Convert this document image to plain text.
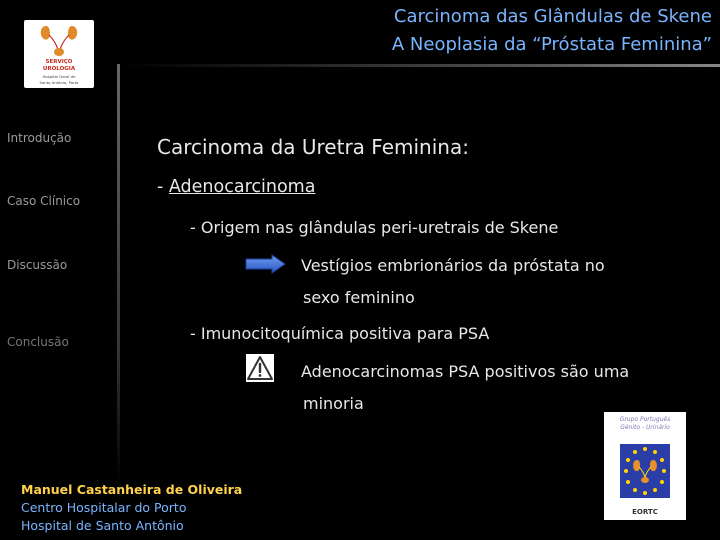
Carcinoma das Glândulas de Skene
A Neoplasia da “Próstata Feminina”
SERVIÇO
UROLOGIA
Hospital Geral de
Santo António, Porto
Introdução
Caso Clínico
Discussão
Conclusão
Carcinoma da Uretra Feminina:
- Adenocarcinoma
- Origem nas glândulas peri-uretrais de Skene
Vestígios embrionários da próstata no
sexo feminino
- Imunocitoquímica positiva para PSA
Adenocarcinomas PSA positivos são uma
minoria
Manuel Castanheira de Oliveira
Centro Hospitalar do Porto
Hospital de Santo Antônio
Grupo Português
Génito - Urinário
EORTC
